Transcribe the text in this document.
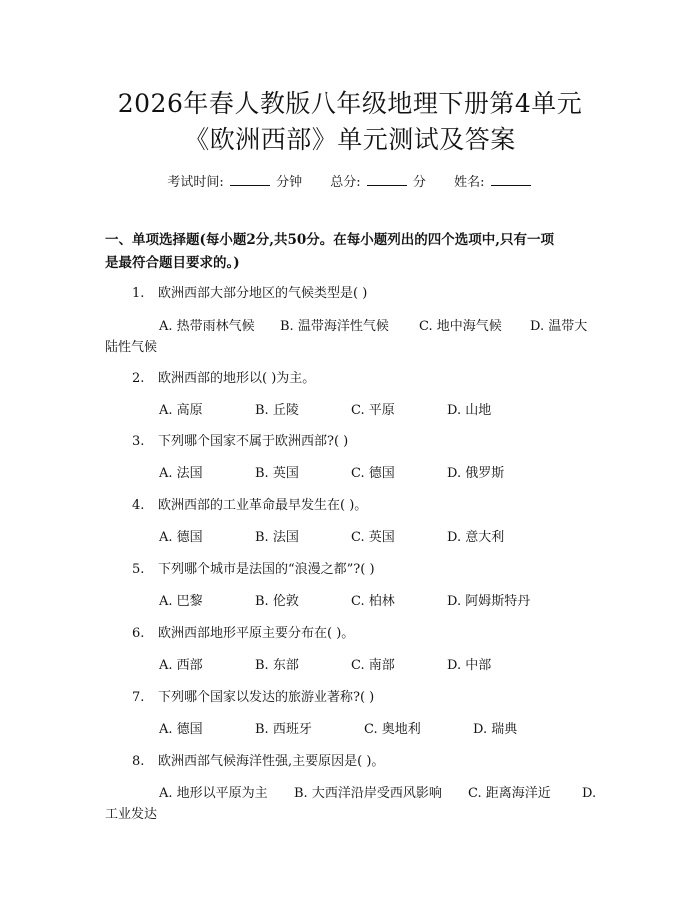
2026年春人教版八年级地理下册第4单元
《欧洲西部》单元测试及答案
考试时间:	分钟 总分:	分 姓名:
一、单项选择题(每小题2分,共50分。在每小题列出的四个选项中,只有一项
是最符合题目要求的。)
1. 欧洲西部大部分地区的气候类型是( )
A. 热带雨林气候 B. 温带海洋性气候 C. 地中海气候 D. 温带大
陆性气候
2. 欧洲西部的地形以( )为主。
A. 高原	B. 丘陵	C. 平原	D. 山地
3. 下列哪个国家不属于欧洲西部?( )
A. 法国	B. 英国	C. 德国	D. 俄罗斯
4. 欧洲西部的工业革命最早发生在( )。
A. 德国	B. 法国	C. 英国	D. 意大利
5. 下列哪个城市是法国的“浪漫之都”?( )
A. 巴黎	B. 伦敦	C. 柏林	D. 阿姆斯特丹
6. 欧洲西部地形平原主要分布在( )。
A. 西部	B. 东部	C. 南部	D. 中部
7. 下列哪个国家以发达的旅游业著称?( )
A. 德国	B. 西班牙	C. 奥地利	D. 瑞典
8. 欧洲西部气候海洋性强,主要原因是( )。
A. 地形以平原为主 B. 大西洋沿岸受西风影响 C. 距离海洋近 D.
工业发达
